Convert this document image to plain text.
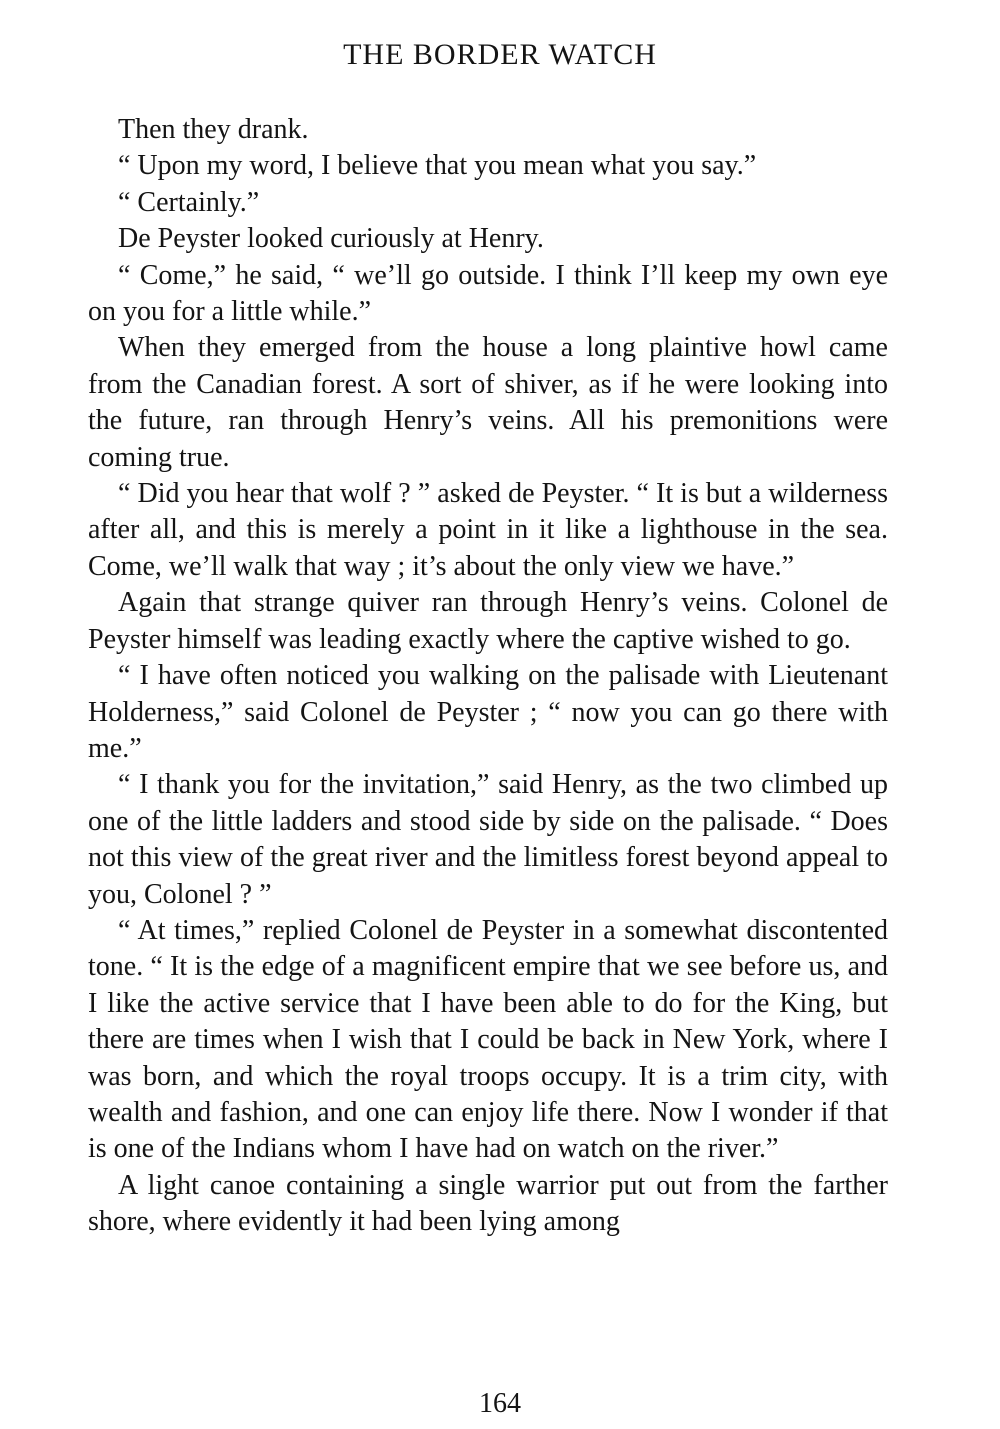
THE BORDER WATCH

Then they drank.

“ Upon my word, I believe that you mean what you say.”

“ Certainly.”

De Peyster looked curiously at Henry.

“ Come,” he said, “ we’ll go outside. I think I’ll keep my own eye on you for a little while.”

When they emerged from the house a long plaintive howl came from the Canadian forest. A sort of shiver, as if he were looking into the future, ran through Henry’s veins. All his premonitions were coming true.

“ Did you hear that wolf ? ” asked de Peyster. “ It is but a wilderness after all, and this is merely a point in it like a lighthouse in the sea. Come, we’ll walk that way ; it’s about the only view we have.”

Again that strange quiver ran through Henry’s veins. Colonel de Peyster himself was leading exactly where the captive wished to go.

“ I have often noticed you walking on the palisade with Lieutenant Holderness,” said Colonel de Peyster ; “ now you can go there with me.”

“ I thank you for the invitation,” said Henry, as the two climbed up one of the little ladders and stood side by side on the palisade. “ Does not this view of the great river and the limitless forest beyond appeal to you, Colonel ? ”

“ At times,” replied Colonel de Peyster in a somewhat discontented tone. “ It is the edge of a magnificent empire that we see before us, and I like the active service that I have been able to do for the King, but there are times when I wish that I could be back in New York, where I was born, and which the royal troops occupy. It is a trim city, with wealth and fashion, and one can enjoy life there. Now I wonder if that is one of the Indians whom I have had on watch on the river.”

A light canoe containing a single warrior put out from the farther shore, where evidently it had been lying among

164
